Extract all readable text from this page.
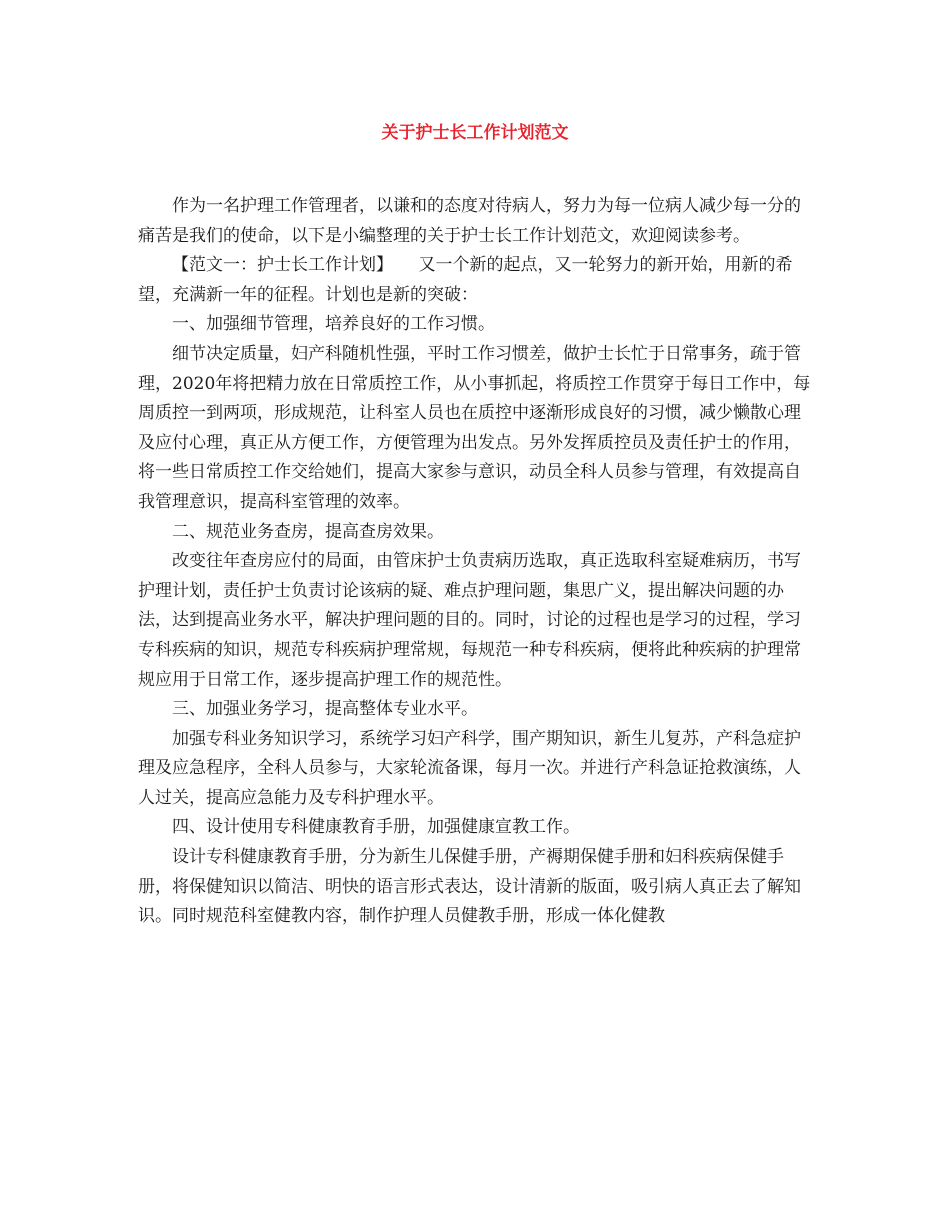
关于护士长工作计划范文

作为一名护理工作管理者，以谦和的态度对待病人，努力为每一位病人减少每一分的痛苦是我们的使命，以下是小编整理的关于护士长工作计划范文，欢迎阅读参考。

【范文一：护士长工作计划】　　又一个新的起点，又一轮努力的新开始，用新的希望，充满新一年的征程。计划也是新的突破：

一、加强细节管理，培养良好的工作习惯。

细节决定质量，妇产科随机性强，平时工作习惯差，做护士长忙于日常事务，疏于管理，2020年将把精力放在日常质控工作，从小事抓起，将质控工作贯穿于每日工作中，每周质控一到两项，形成规范，让科室人员也在质控中逐渐形成良好的习惯，减少懒散心理及应付心理，真正从方便工作，方便管理为出发点。另外发挥质控员及责任护士的作用，将一些日常质控工作交给她们，提高大家参与意识，动员全科人员参与管理，有效提高自我管理意识，提高科室管理的效率。

二、规范业务查房，提高查房效果。

改变往年查房应付的局面，由管床护士负责病历选取，真正选取科室疑难病历，书写护理计划，责任护士负责讨论该病的疑、难点护理问题，集思广义，提出解决问题的办法，达到提高业务水平，解决护理问题的目的。同时，讨论的过程也是学习的过程，学习专科疾病的知识，规范专科疾病护理常规，每规范一种专科疾病，便将此种疾病的护理常规应用于日常工作，逐步提高护理工作的规范性。

三、加强业务学习，提高整体专业水平。

加强专科业务知识学习，系统学习妇产科学，围产期知识，新生儿复苏，产科急症护理及应急程序，全科人员参与，大家轮流备课，每月一次。并进行产科急证抢救演练，人人过关，提高应急能力及专科护理水平。

四、设计使用专科健康教育手册，加强健康宣教工作。

设计专科健康教育手册，分为新生儿保健手册，产褥期保健手册和妇科疾病保健手册，将保健知识以简洁、明快的语言形式表达，设计清新的版面，吸引病人真正去了解知识。同时规范科室健教内容，制作护理人员健教手册，形成一体化健教
